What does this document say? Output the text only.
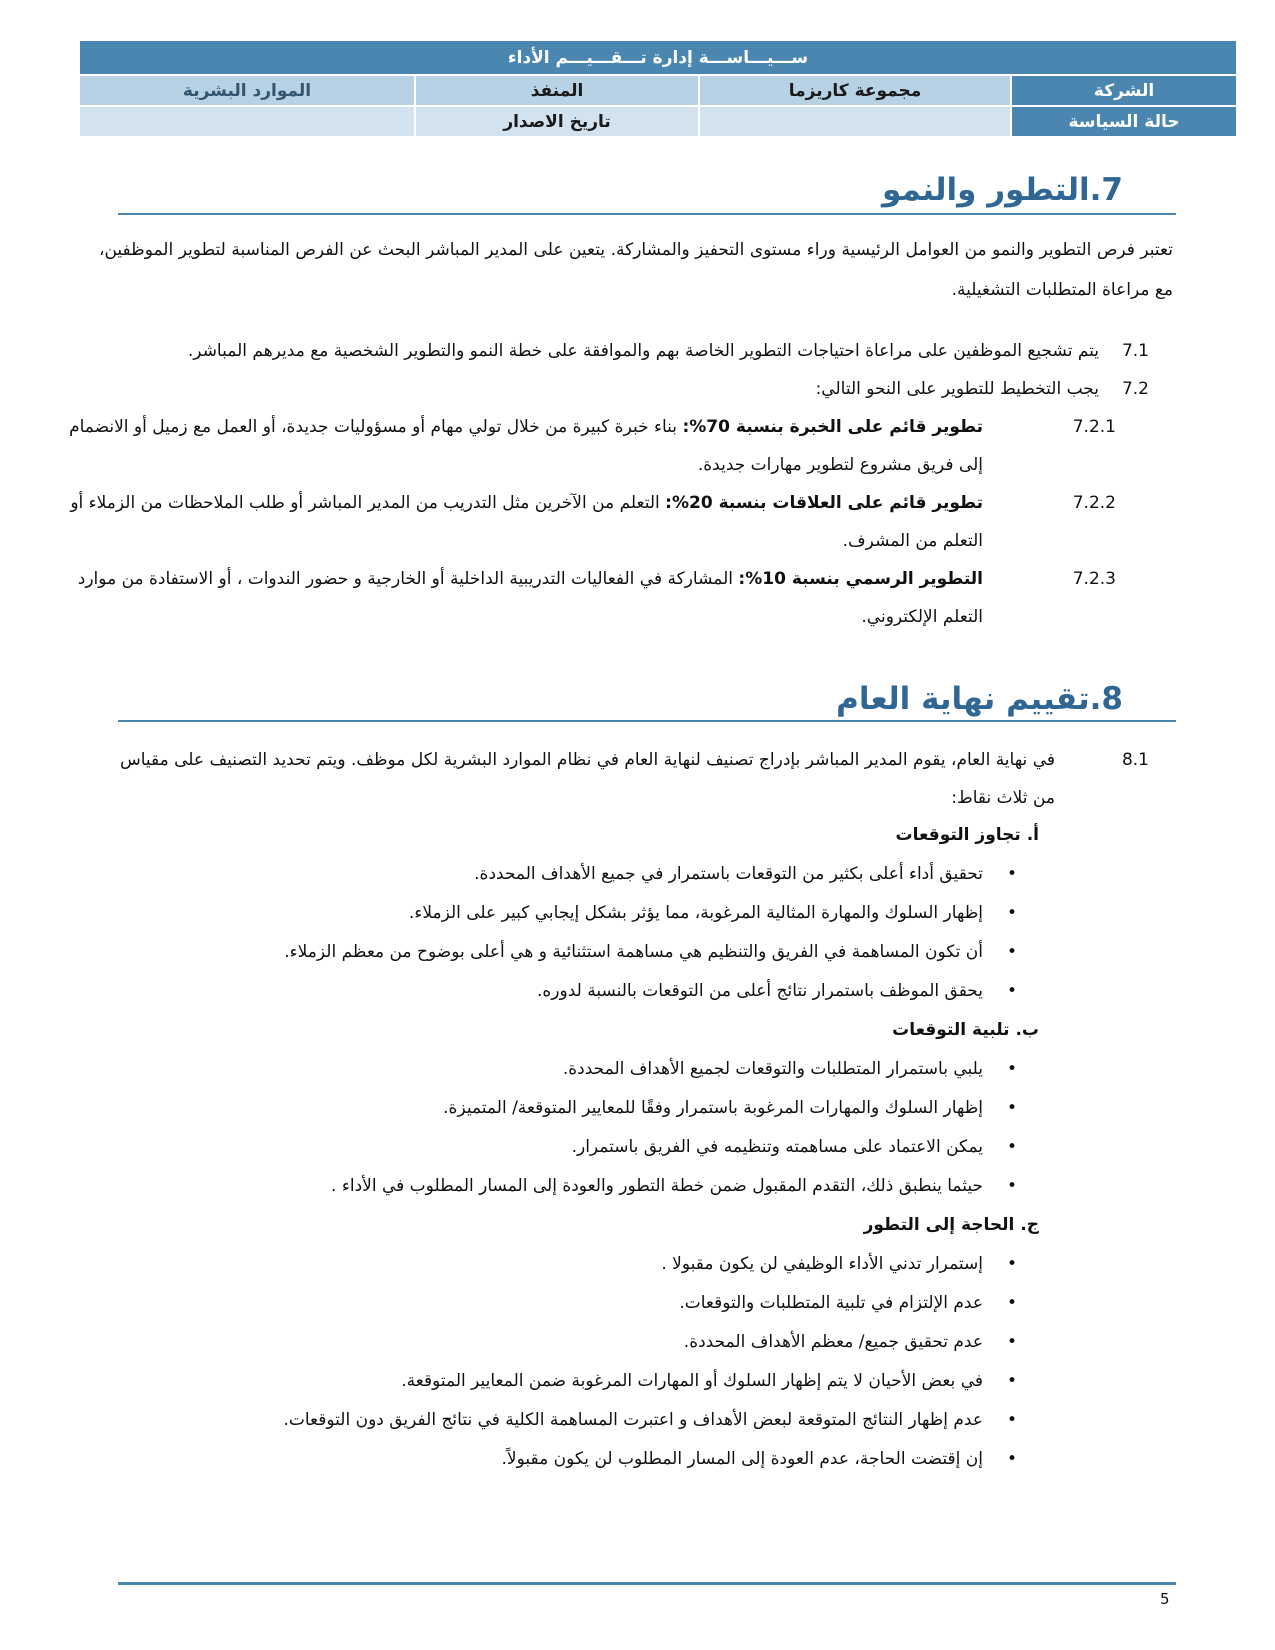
ســـيـــاســـة إدارة تـــقـــيـــم الأداء			
الشركة	مجموعة كاريزما	المنفذ	الموارد البشرية
حالة السياسة		تاريخ الاصدار	
7.التطور والنمو

تعتبر فرص التطوير والنمو من العوامل الرئيسية وراء مستوى التحفيز والمشاركة. يتعين على المدير المباشر البحث عن الفرص المناسبة لتطوير الموظفين، مع مراعاة المتطلبات التشغيلية.

7.1
يتم تشجيع الموظفين على مراعاة احتياجات التطوير الخاصة بهم والموافقة على خطة النمو والتطوير الشخصية مع مديرهم المباشر.
7.2
يجب التخطيط للتطوير على النحو التالي:
7.2.1
تطوير قائم على الخبرة بنسبة 70%: بناء خبرة كبيرة من خلال تولي مهام أو مسؤوليات جديدة، أو العمل مع زميل أو الانضمام
إلى فريق مشروع لتطوير مهارات جديدة.
7.2.2
تطوير قائم على العلاقات بنسبة 20%: التعلم من الآخرين مثل التدريب من المدير المباشر أو طلب الملاحظات من الزملاء أو
التعلم من المشرف.
7.2.3
التطوير الرسمي بنسبة 10%: المشاركة في الفعاليات التدريبية الداخلية أو الخارجية و حضور الندوات ، أو الاستفادة من موارد
التعلم الإلكتروني.
8.تقييم نهاية العام
8.1
في نهاية العام، يقوم المدير المباشر بإدراج تصنيف لنهاية العام في نظام الموارد البشرية لكل موظف. ويتم تحديد التصنيف على مقياس
من ثلاث نقاط:
أ. تجاوز التوقعات
•
تحقيق أداء أعلى بكثير من التوقعات باستمرار في جميع الأهداف المحددة.
•
إظهار السلوك والمهارة المثالية المرغوبة، مما يؤثر بشكل إيجابي كبير على الزملاء.
•
أن تكون المساهمة في الفريق والتنظيم هي مساهمة استثنائية و هي أعلى بوضوح من معظم الزملاء.
•
يحقق الموظف باستمرار نتائج أعلى من التوقعات بالنسبة لدوره.
ب. تلبية التوقعات
•
يلبي باستمرار المتطلبات والتوقعات لجميع الأهداف المحددة.
•
إظهار السلوك والمهارات المرغوبة باستمرار وفقًا للمعايير المتوقعة/ المتميزة.
•
يمكن الاعتماد على مساهمته وتنظيمه في الفريق باستمرار.
•
حيثما ينطبق ذلك، التقدم المقبول ضمن خطة التطور والعودة إلى المسار المطلوب في الأداء .
ج. الحاجة إلى التطور
•
إستمرار تدني الأداء الوظيفي لن يكون مقبولا .
•
عدم الإلتزام في تلبية المتطلبات والتوقعات.
•
عدم تحقيق جميع/ معظم الأهداف المحددة.
•
في بعض الأحيان لا يتم إظهار السلوك أو المهارات المرغوبة ضمن المعايير المتوقعة.
•
عدم إظهار النتائج المتوقعة لبعض الأهداف و اعتبرت المساهمة الكلية في نتائج الفريق دون التوقعات.
•
إن إقتضت الحاجة، عدم العودة إلى المسار المطلوب لن يكون مقبولاً.
5
